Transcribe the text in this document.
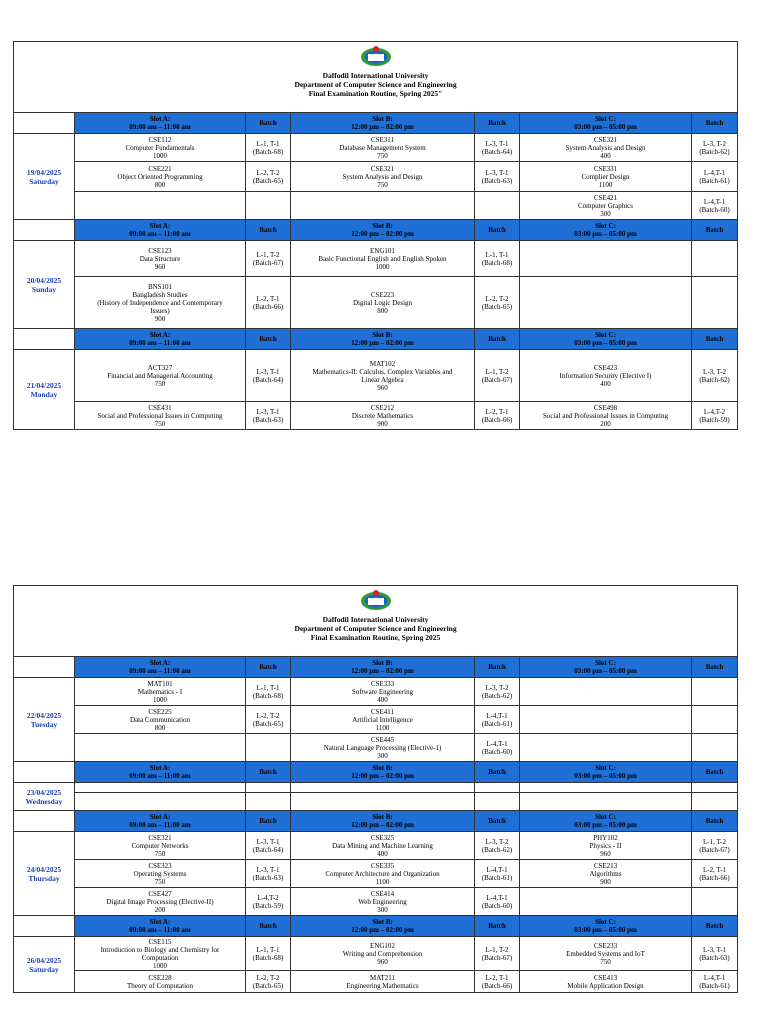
Daffodil International University
Department of Computer Science and Engineering
Final Examination Routine, Spring 2025"						

	Slot A:
09:00 am – 11:00 am	Batch	Slot B:
12:00 pm – 02:00 pm	Batch	Slot C:
03:00 pm – 05:00 pm	Batch

19/04/2025
Saturday	CSE112
Computer Fundamentals
1000	L-1, T-1
(Batch-68)	CSE311
Database Management System
750	L-3, T-1
(Batch-64)	CSE321
System Analysis and Design
400	L-3, T-2
(Batch-62)

	CSE221
Object Oriented Programming
800	L-2, T-2
(Batch-65)	CSE321
System Analysis and Design
750	L-3, T-1
(Batch-63)	CSE331
Complier Design
1100	L-4,T-1
(Batch-61)

					CSE421
Computer Graphics
300	L-4,T-1
(Batch-60)

	Slot A:
09:00 am – 11:00 am	Batch	Slot B:
12:00 pm – 02:00 pm	Batch	Slot C:
03:00 pm – 05:00 pm	Batch

20/04/2025
Sunday	CSE123
Data Structure
960	L-1, T-2
(Batch-67)	ENG101
Basic Functional English and English Spoken
1000	L-1, T-1
(Batch-68)		

	BNS101
Bangladesh Studies
(History of Independence and Contemporary
Issues)
900	L-2, T-1
(Batch-66)	CSE223
Digital Logic Design
800	L-2, T-2
(Batch-65)		

	Slot A:
09:00 am – 11:00 am	Batch	Slot B:
12:00 pm – 02:00 pm	Batch	Slot C:
03:00 pm – 05:00 pm	Batch

21/04/2025
Monday	ACT327
Financial and Managerial Accounting
750	L-3, T-1
(Batch-64)	MAT102
Mathematics-II: Calculus, Complex Variables and
Linear Algebra
960	L-1, T-2
(Batch-67)	CSE423
Information Security (Elective I)
400	L-3, T-2
(Batch-62)

	CSE431
Social and Professional Issues in Computing
750	L-3, T-1
(Batch-63)	CSE212
Discrete Mathematics
900	L-2, T-1
(Batch-66)	CSE498
Social and Professional Issues in Computing
200	L-4,T-2
(Batch-59)
Daffodil International University
Department of Computer Science and Engineering
Final Examination Routine, Spring 2025						

	Slot A:
09:00 am – 11:00 am	Batch	Slot B:
12:00 pm – 02:00 pm	Batch	Slot C:
03:00 pm – 05:00 pm	Batch

22/04/2025
Tuesday	MAT101
Mathematics - I
1000	L-1, T-1
(Batch-68)	CSE333
Software Engineering
400	L-3, T-2
(Batch-62)		

	CSE225
Data Communication
800	L-2, T-2
(Batch-65)	CSE411
Artificial Intelligence
1100	L-4,T-1
(Batch-61)		

			CSE445
Natural Language Processing (Elective-1)
300	L-4,T-1
(Batch-60)		

	Slot A:
09:00 am – 11:00 am	Batch	Slot B:
12:00 pm – 02:00 pm	Batch	Slot C:
03:00 pm – 05:00 pm	Batch

23/04/2025
Wednesday						

	Slot A:
09:00 am – 11:00 am	Batch	Slot B:
12:00 pm – 02:00 pm	Batch	Slot C:
03:00 pm – 05:00 pm	Batch

24/04/2025
Thursday	CSE321
Computer Networks
750	L-3, T-1
(Batch-64)	CSE325
Data Mining and Machine Learning
400	L-3, T-2
(Batch-62)	PHY102
Physics - II
960	L-1, T-2
(Batch-67)

	CSE323
Operating Systems
750	L-3, T-1
(Batch-63)	CSE335
Computer Architecture and Organization
1100	L-4,T-1
(Batch-61)	CSE213
Algorithms
900	L-2, T-1
(Batch-66)

	CSE427
Digital Image Processing (Elective-II)
200	L-4,T-2
(Batch-59)	CSE414
Web Engineering
300	L-4,T-1
(Batch-60)		

	Slot A:
09:00 am – 11:00 am	Batch	Slot B:
12:00 pm – 02:00 pm	Batch	Slot C:
03:00 pm – 05:00 pm	Batch

26/04/2025
Saturday	CSE115
Introduction to Biology and Chemistry for
Computation
1000	L-1, T-1
(Batch-68)	ENG102
Writing and Comprehension
960	L-1, T-2
(Batch-67)	CSE233
Embedded Systems and IoT
750	L-3, T-1
(Batch-63)

	CSE228
Theory of Computation	L-2, T-2
(Batch-65)	MAT211
Engineering Mathematics	L-2, T-1
(Batch-66)	CSE413
Mobile Application Design	L-4,T-1
(Batch-61)
